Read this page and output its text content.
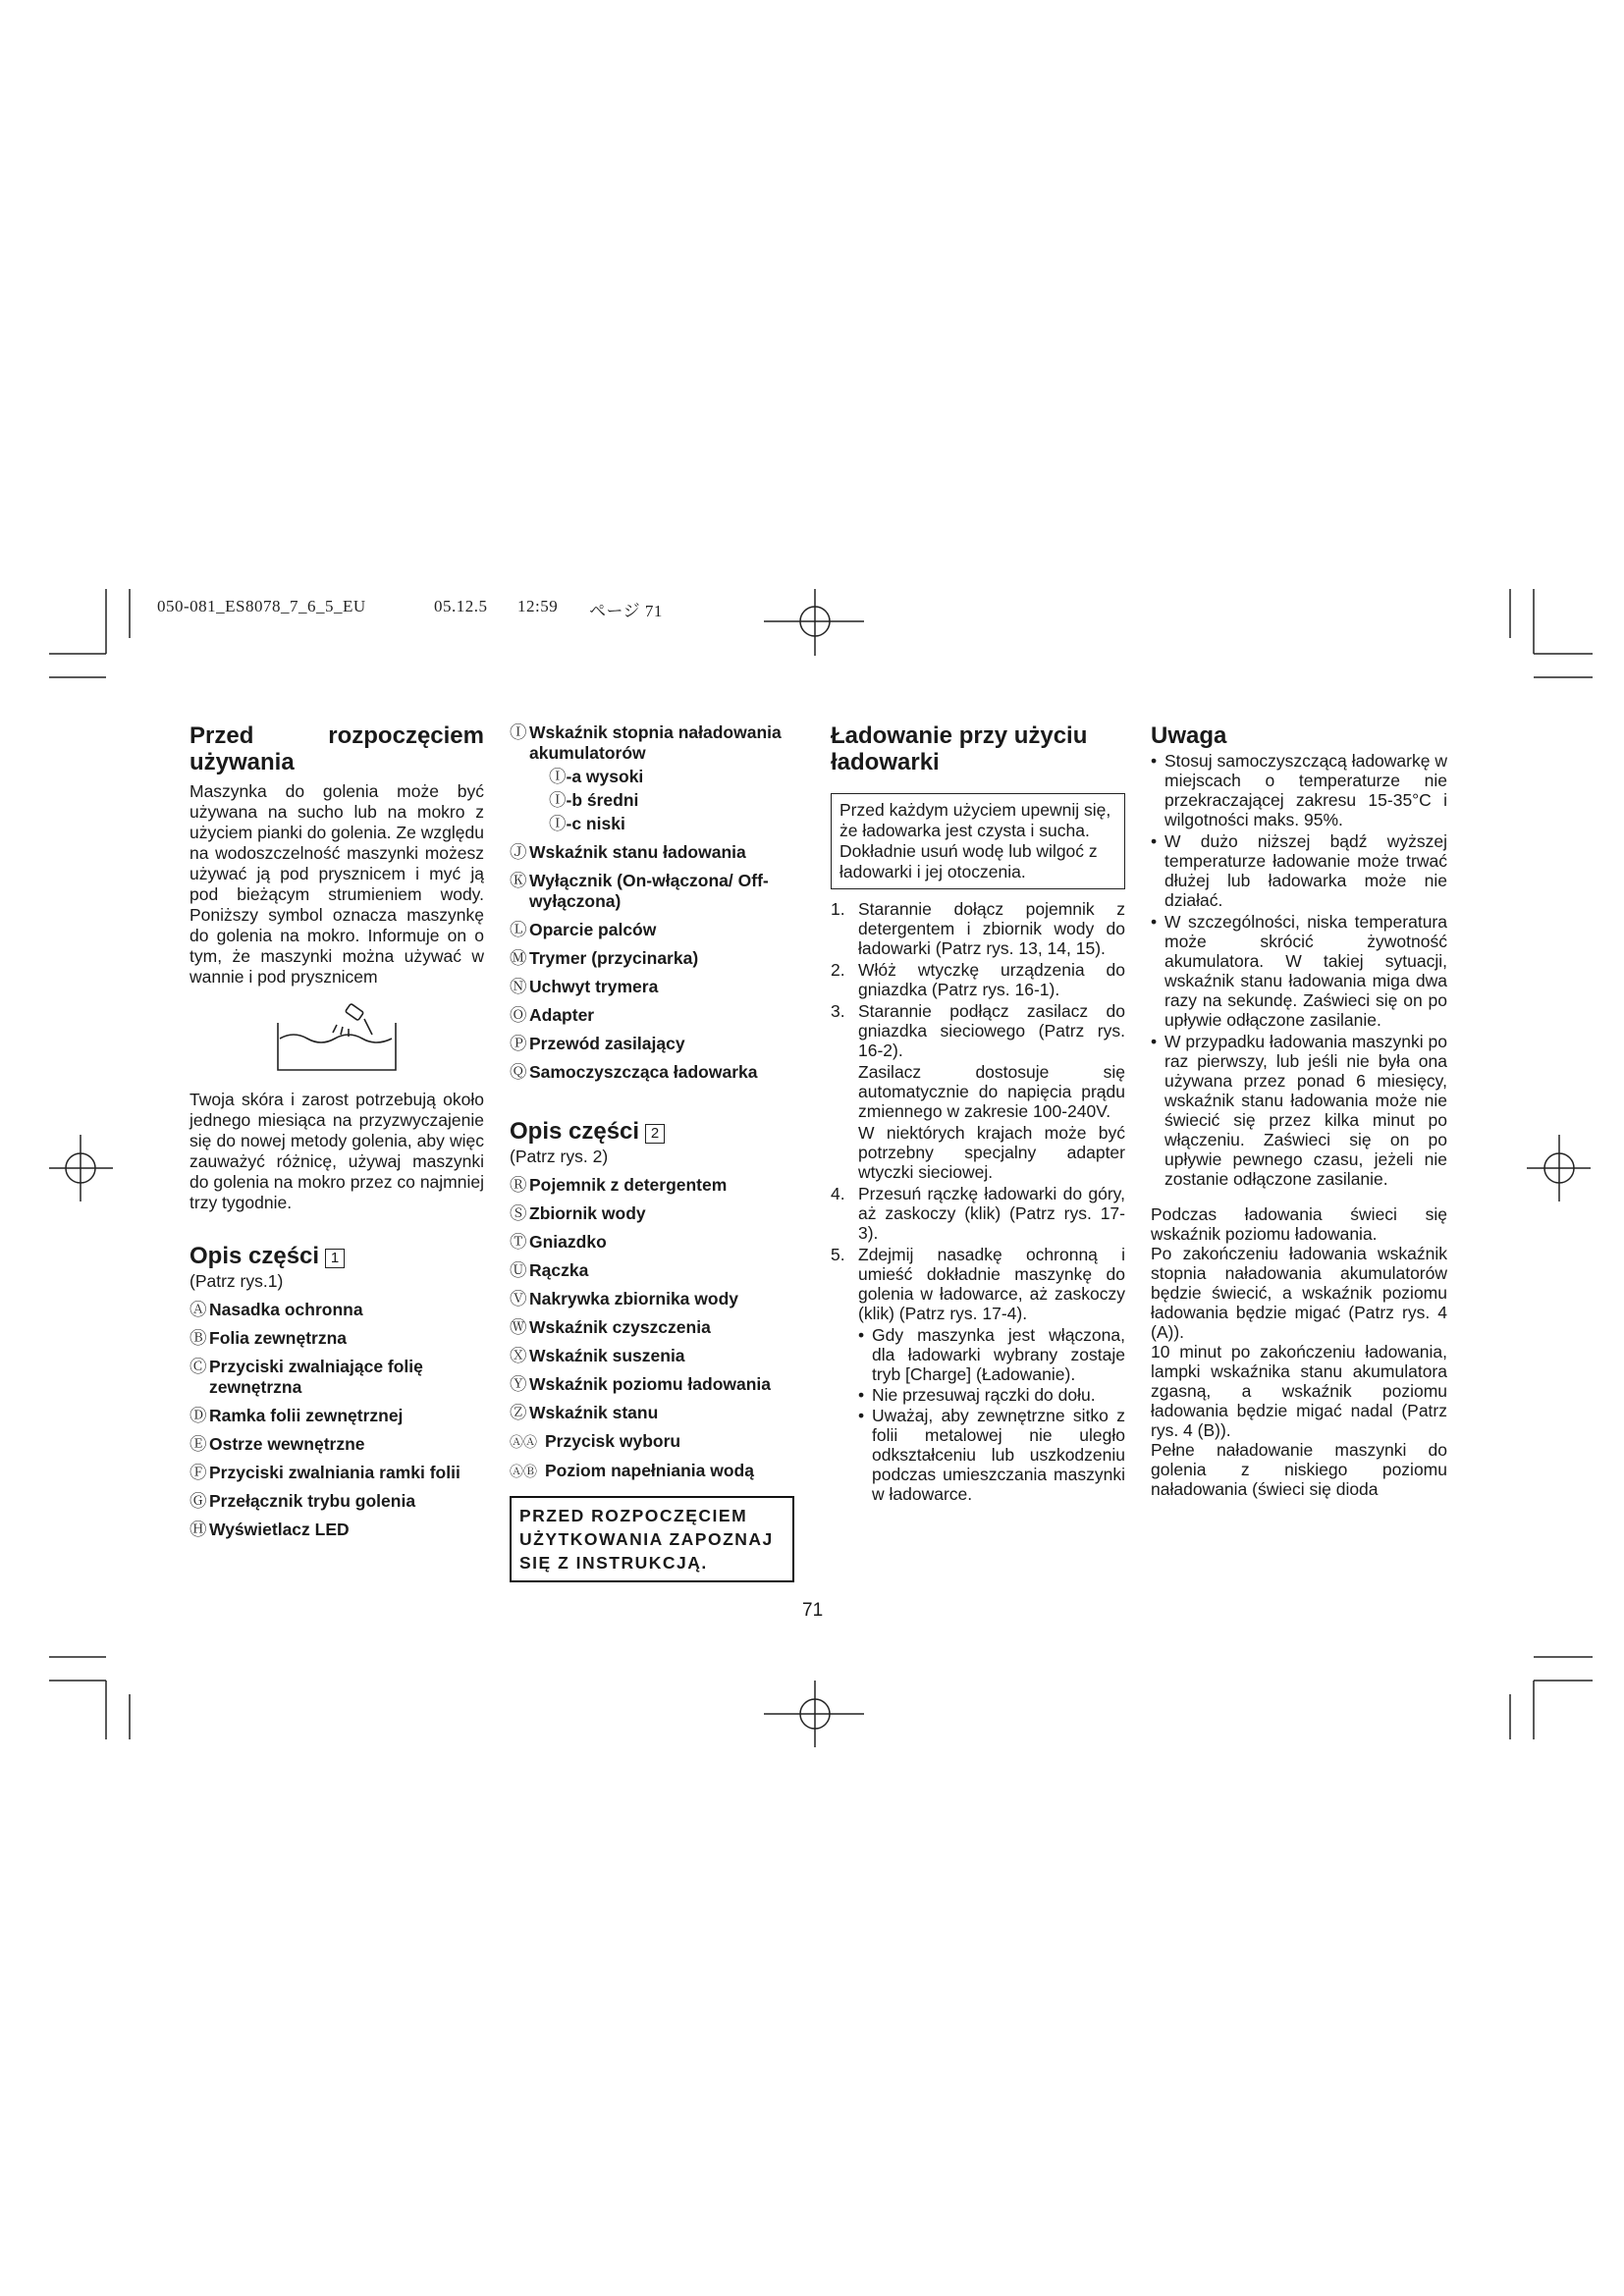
050-081_ES8078_7_6_5_EU	05.12.5 12:59 ページ 71
Przed rozpoczęciem używania

Maszynka do golenia może być używana na sucho lub na mokro z użyciem pianki do golenia. Ze względu na wodoszczelność maszynki możesz używać ją pod prysznicem i myć ją pod bieżącym strumieniem wody. Poniższy symbol oznacza maszynkę do golenia na mokro. Informuje on o tym, że maszynki można używać w wannie i pod prysznicem

Twoja skóra i zarost potrzebują około jednego miesiąca na przyzwyczajenie się do nowej metody golenia, aby więc zauważyć różnicę, używaj maszynki do golenia na mokro przez co najmniej trzy tygodnie.

Opis części 1
(Patrz rys.1)
Ⓐ Nasadka ochronna
Ⓑ Folia zewnętrzna
Ⓒ Przyciski zwalniające folię zewnętrzna
Ⓓ Ramka folii zewnętrznej
Ⓔ Ostrze wewnętrzne
Ⓕ Przyciski zwalniania ramki folii
Ⓖ Przełącznik trybu golenia
Ⓗ Wyświetlacz LED
Ⓘ Wskaźnik stopnia naładowania akumulatorów
Ⓘ-a wysoki
Ⓘ-b średni
Ⓘ-c niski
Ⓙ Wskaźnik stanu ładowania
Ⓚ Wyłącznik (On-włączona/ Off-wyłączona)
Ⓛ Oparcie palców
Ⓜ Trymer (przycinarka)
Ⓝ Uchwyt trymera
Ⓞ Adapter
Ⓟ Przewód zasilający
Ⓠ Samoczyszcząca ładowarka
Opis części 2
(Patrz rys. 2)
Ⓡ Pojemnik z detergentem
Ⓢ Zbiornik wody
Ⓣ Gniazdko
Ⓤ Rączka
Ⓥ Nakrywka zbiornika wody
Ⓦ Wskaźnik czyszczenia
Ⓧ Wskaźnik suszenia
Ⓨ Wskaźnik poziomu ładowania
Ⓩ Wskaźnik stanu
ⒶⒶ Przycisk wyboru
ⒶⒷ Poziom napełniania wodą
PRZED ROZPOCZĘCIEM UŻYTKOWANIA ZAPOZNAJ SIĘ Z INSTRUKCJĄ.
Ładowanie przy użyciu ładowarki
Przed każdym użyciem upewnij się, że ładowarka jest czysta i sucha. Dokładnie usuń wodę lub wilgoć z ładowarki i jej otoczenia.
1. Starannie dołącz pojemnik z detergentem i zbiornik wody do ładowarki (Patrz rys. 13, 14, 15).
2. Włóż wtyczkę urządzenia do gniazdka (Patrz rys. 16-1).
3. Starannie podłącz zasilacz do gniazdka sieciowego (Patrz rys. 16-2).
Zasilacz dostosuje się automatycznie do napięcia prądu zmiennego w zakresie 100-240V.
W niektórych krajach może być potrzebny specjalny adapter wtyczki sieciowej.
4. Przesuń rączkę ładowarki do góry, aż zaskoczy (klik) (Patrz rys. 17-3).
5. Zdejmij nasadkę ochronną i umieść dokładnie maszynkę do golenia w ładowarce, aż zaskoczy (klik) (Patrz rys. 17-4).
• Gdy maszynka jest włączona, dla ładowarki wybrany zostaje tryb [Charge] (Ładowanie).
• Nie przesuwaj rączki do dołu.
• Uważaj, aby zewnętrzne sitko z folii metalowej nie uległo odkształceniu lub uszkodzeniu podczas umieszczania maszynki w ładowarce.
Uwaga
• Stosuj samoczyszczącą ładowarkę w miejscach o temperaturze nie przekraczającej zakresu 15-35°C i wilgotności maks. 95%.
• W dużo niższej bądź wyższej temperaturze ładowanie może trwać dłużej lub ładowarka może nie działać.
• W szczególności, niska temperatura może skrócić żywotność akumulatora. W takiej sytuacji, wskaźnik stanu ładowania miga dwa razy na sekundę. Zaświeci się on po upływie odłączone zasilanie.
• W przypadku ładowania maszynki po raz pierwszy, lub jeśli nie była ona używana przez ponad 6 miesięcy, wskaźnik stanu ładowania może nie świecić się przez kilka minut po włączeniu. Zaświeci się on po upływie pewnego czasu, jeżeli nie zostanie odłączone zasilanie.

Podczas ładowania świeci się wskaźnik poziomu ładowania.

Po zakończeniu ładowania wskaźnik stopnia naładowania akumulatorów będzie świecić, a wskaźnik poziomu ładowania będzie migać (Patrz rys. 4 (A)).

10 minut po zakończeniu ładowania, lampki wskaźnika stanu akumulatora zgasną, a wskaźnik poziomu ładowania będzie migać nadal (Patrz rys. 4 (B)).

Pełne naładowanie maszynki do golenia z niskiego poziomu naładowania (świeci się dioda

71
